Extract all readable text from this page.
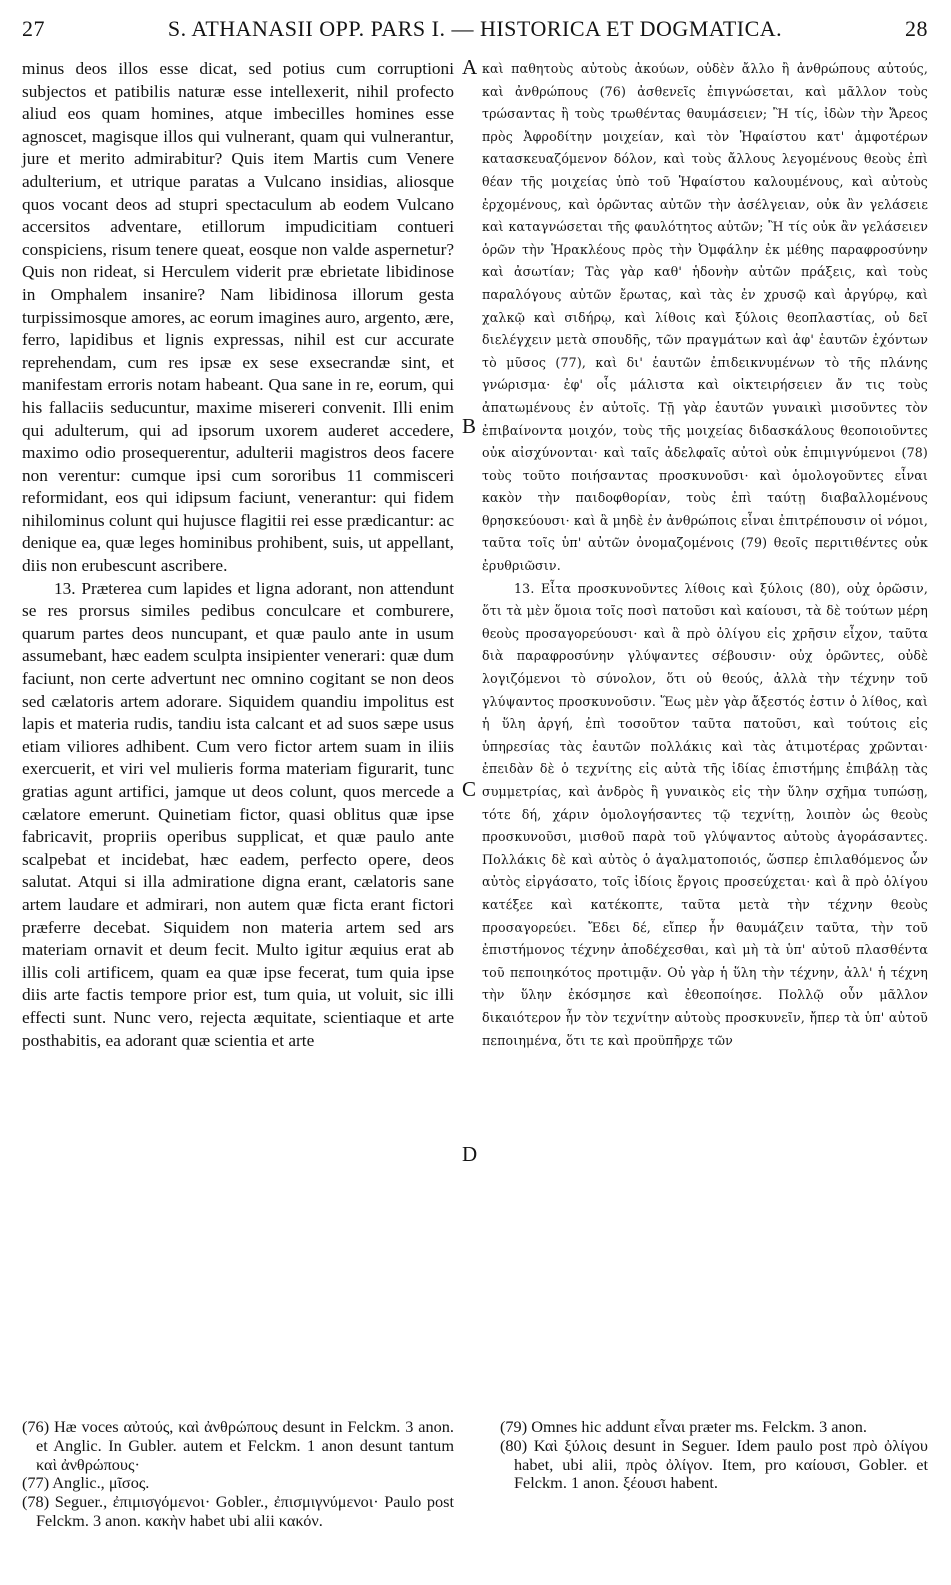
27	S. ATHANASII OPP. PARS I. — HISTORICA ET DOGMATICA.	28

minus deos illos esse dicat, sed potius cum corruptioni subjectos et patibilis naturæ esse intellexerit, nihil profecto aliud eos quam homines, atque imbecilles homines esse agnoscet, magisque illos qui vulnerant, quam qui vulnerantur, jure et merito admirabitur? Quis item Martis cum Venere adulterium, et utrique paratas a Vulcano insidias, aliosque quos vocant deos ad stupri spectaculum ab eodem Vulcano accersitos adventare, etillorum impudicitiam contueri conspiciens, risum tenere queat, eosque non valde aspernetur? Quis non rideat, si Herculem viderit præ ebrietate libidinose in Omphalem insanire? Nam libidinosa illorum gesta turpissimosque amores, ac eorum imagines auro, argento, ære, ferro, lapidibus et lignis expressas, nihil est cur accurate reprehendam, cum res ipsæ ex sese exsecrandæ sint, et manifestam erroris notam habeant. Qua sane in re, eorum, qui his fallaciis seducuntur, maxime misereri convenit. Illi enim qui adulterum, qui ad ipsorum uxorem auderet accedere, maximo odio prosequerentur, adulterii magistros deos facere non verentur: cumque ipsi cum sororibus 11 commisceri reformidant, eos qui idipsum faciunt, venerantur: qui fidem nihilominus colunt qui hujusce flagitii rei esse prædicantur: ac denique ea, quæ leges hominibus prohibent, suis, ut appellant, diis non erubescunt ascribere.

13. Præterea cum lapides et ligna adorant, non attendunt se res prorsus similes pedibus conculcare et comburere, quarum partes deos nuncupant, et quæ paulo ante in usum assumebant, hæc eadem sculpta insipienter venerari: quæ dum faciunt, non certe advertunt nec omnino cogitant se non deos sed cælatoris artem adorare. Siquidem quandiu impolitus est lapis et materia rudis, tandiu ista calcant et ad suos sæpe usus etiam viliores adhibent. Cum vero fictor artem suam in iliis exercuerit, et viri vel mulieris forma materiam figurarit, tunc gratias agunt artifici, jamque ut deos colunt, quos mercede a cælatore emerunt. Quinetiam fictor, quasi oblitus quæ ipse fabricavit, propriis operibus supplicat, et quæ paulo ante scalpebat et incidebat, hæc eadem, perfecto opere, deos salutat. Atqui si illa admiratione digna erant, cælatoris sane artem laudare et admirari, non autem quæ ficta erant fictori præferre decebat. Siquidem non materia artem sed ars materiam ornavit et deum fecit. Multo igitur æquius erat ab illis coli artificem, quam ea quæ ipse fecerat, tum quia ipse diis arte factis tempore prior est, tum quia, ut voluit, sic illi effecti sunt. Nunc vero, rejecta æquitate, scientiaque et arte posthabitis, ea adorant quæ scientia et arte

A
B
C
D

καὶ παθητοὺς αὐτοὺς ἀκούων, οὐδὲν ἄλλο ἢ ἀνθρώπους αὐτούς, καὶ ἀνθρώπους (76) ἀσθενεῖς ἐπιγνώσεται, καὶ μᾶλλον τοὺς τρώσαντας ἢ τοὺς τρωθέντας θαυμάσειεν; Ἢ τίς, ἰδὼν τὴν Ἄρεος πρὸς Ἀφροδίτην μοιχείαν, καὶ τὸν Ἡφαίστου κατ' ἀμφοτέρων κατασκευαζόμενον δόλον, καὶ τοὺς ἄλλους λεγομένους θεοὺς ἐπὶ θέαν τῆς μοιχείας ὑπὸ τοῦ Ἡφαίστου καλουμένους, καὶ αὐτοὺς ἐρχομένους, καὶ ὁρῶντας αὐτῶν τὴν ἀσέλγειαν, οὐκ ἂν γελάσειε καὶ καταγνώσεται τῆς φαυλότητος αὐτῶν; Ἢ τίς οὐκ ἂν γελάσειεν ὁρῶν τὴν Ἡρακλέους πρὸς τὴν Ὀμφάλην ἐκ μέθης παραφροσύνην καὶ ἀσωτίαν; Τὰς γὰρ καθ' ἡδονὴν αὐτῶν πράξεις, καὶ τοὺς παραλόγους αὐτῶν ἔρωτας, καὶ τὰς ἐν χρυσῷ καὶ ἀργύρῳ, καὶ χαλκῷ καὶ σιδήρῳ, καὶ λίθοις καὶ ξύλοις θεοπλαστίας, οὐ δεῖ διελέγχειν μετὰ σπουδῆς, τῶν πραγμάτων καὶ ἀφ' ἑαυτῶν ἐχόντων τὸ μῦσος (77), καὶ δι' ἑαυτῶν ἐπιδεικνυμένων τὸ τῆς πλάνης γνώρισμα· ἐφ' οἷς μάλιστα καὶ οἰκτειρήσειεν ἄν τις τοὺς ἀπατωμένους ἐν αὐτοῖς. Τῇ γὰρ ἑαυτῶν γυναικὶ μισοῦντες τὸν ἐπιβαίνοντα μοιχόν, τοὺς τῆς μοιχείας διδασκάλους θεοποιοῦντες οὐκ αἰσχύνονται· καὶ ταῖς ἀδελφαῖς αὐτοὶ οὐκ ἐπιμιγνύμενοι (78) τοὺς τοῦτο ποιήσαντας προσκυνοῦσι· καὶ ὁμολογοῦντες εἶναι κακὸν τὴν παιδοφθορίαν, τοὺς ἐπὶ ταύτῃ διαβαλλομένους θρησκεύουσι· καὶ ἃ μηδὲ ἐν ἀνθρώποις εἶναι ἐπιτρέπουσιν οἱ νόμοι, ταῦτα τοῖς ὑπ' αὐτῶν ὀνομαζομένοις (79) θεοῖς περιτιθέντες οὐκ ἐρυθριῶσιν.

13. Εἶτα προσκυνοῦντες λίθοις καὶ ξύλοις (80), οὐχ ὁρῶσιν, ὅτι τὰ μὲν ὅμοια τοῖς ποσὶ πατοῦσι καὶ καίουσι, τὰ δὲ τούτων μέρη θεοὺς προσαγορεύουσι· καὶ ἃ πρὸ ὀλίγου εἰς χρῆσιν εἶχον, ταῦτα διὰ παραφροσύνην γλύψαντες σέβουσιν· οὐχ ὁρῶντες, οὐδὲ λογιζόμενοι τὸ σύνολον, ὅτι οὐ θεούς, ἀλλὰ τὴν τέχνην τοῦ γλύψαντος προσκυνοῦσιν. Ἕως μὲν γὰρ ἄξεστός ἐστιν ὁ λίθος, καὶ ἡ ὕλη ἀργή, ἐπὶ τοσοῦτον ταῦτα πατοῦσι, καὶ τούτοις εἰς ὑπηρεσίας τὰς ἑαυτῶν πολλάκις καὶ τὰς ἀτιμοτέρας χρῶνται· ἐπειδὰν δὲ ὁ τεχνίτης εἰς αὐτὰ τῆς ἰδίας ἐπιστήμης ἐπιβάλῃ τὰς συμμετρίας, καὶ ἀνδρὸς ἢ γυναικὸς εἰς τὴν ὕλην σχῆμα τυπώσῃ, τότε δή, χάριν ὁμολογήσαντες τῷ τεχνίτῃ, λοιπὸν ὡς θεοὺς προσκυνοῦσι, μισθοῦ παρὰ τοῦ γλύψαντος αὐτοὺς ἀγοράσαντες. Πολλάκις δὲ καὶ αὐτὸς ὁ ἀγαλματοποιός, ὥσπερ ἐπιλαθόμενος ὧν αὐτὸς εἰργάσατο, τοῖς ἰδίοις ἔργοις προσεύχεται· καὶ ἃ πρὸ ὀλίγου κατέξεε καὶ κατέκοπτε, ταῦτα μετὰ τὴν τέχνην θεοὺς προσαγορεύει. Ἔδει δέ, εἴπερ ἦν θαυμάζειν ταῦτα, τὴν τοῦ ἐπιστήμονος τέχνην ἀποδέχεσθαι, καὶ μὴ τὰ ὑπ' αὐτοῦ πλασθέντα τοῦ πεποιηκότος προτιμᾷν. Οὐ γὰρ ἡ ὕλη τὴν τέχνην, ἀλλ' ἡ τέχνη τὴν ὕλην ἐκόσμησε καὶ ἐθεοποίησε. Πολλῷ οὖν μᾶλλον δικαιότερον ἦν τὸν τεχνίτην αὐτοὺς προσκυνεῖν, ἤπερ τὰ ὑπ' αὐτοῦ πεποιημένα, ὅτι τε καὶ προϋπῆρχε τῶν

(76) Hæ voces αὐτούς, καὶ ἀνθρώπους desunt in Felckm. 3 anon. et Anglic. In Gubler. autem et Felckm. 1 anon desunt tantum καὶ ἀνθρώπους·

(77) Anglic., μῖσος.

(78) Seguer., ἐπιμισγόμενοι· Gobler., ἐπισμιγνύμενοι· Paulo post Felckm. 3 anon. κακὴν habet ubi alii κακόν.

(79) Omnes hic addunt εἶναι præter ms. Felckm. 3 anon.

(80) Καὶ ξύλοις desunt in Seguer. Idem paulo post πρὸ ὀλίγου habet, ubi alii, πρὸς ὀλίγον. Item, pro καίουσι, Gobler. et Felckm. 1 anon. ξέουσι habent.
